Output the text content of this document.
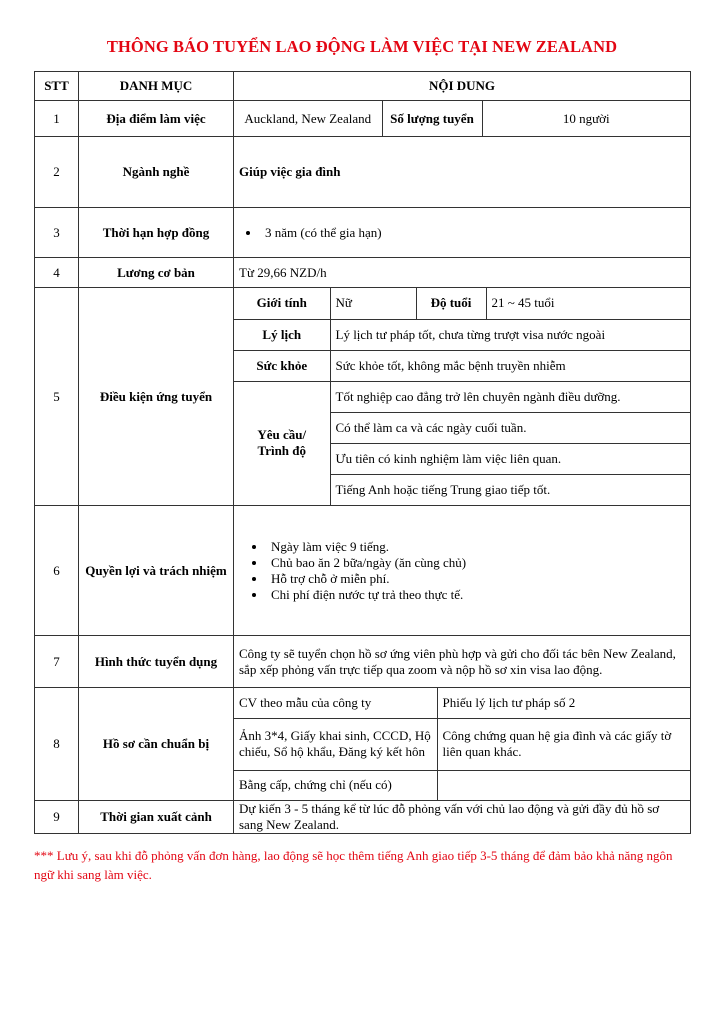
THÔNG BÁO TUYỂN LAO ĐỘNG LÀM VIỆC TẠI NEW ZEALAND
STT	DANH MỤC	NỘI DUNG
1	Địa điểm làm việc		Auckland, New Zealand	Số lượng tuyển	10 người

2	Ngành nghề	Giúp việc gia đình
3	Thời hạn hợp đồng	
•3 năm (có thể gia hạn)

4	Lương cơ bản	Từ 29,66 NZD/h
5	Điều kiện ứng tuyển	
Giới tính	Nữ	Độ tuổi	21 ~ 45 tuổi
Lý lịch	Lý lịch tư pháp tốt, chưa từng trượt visa nước ngoài
Sức khỏe	Sức khỏe tốt, không mắc bệnh truyền nhiễm

Yêu cầu/
Trình độ
	Tốt nghiệp cao đẳng trở lên chuyên ngành điều dưỡng.
Có thể làm ca và các ngày cuối tuần.
Ưu tiên có kinh nghiệm làm việc liên quan.
Tiếng Anh hoặc tiếng Trung giao tiếp tốt.

6	Quyền lợi và trách nhiệm	
• Ngày làm việc 9 tiếng.
• Chủ bao ăn 2 bữa/ngày (ăn cùng chủ)
• Hỗ trợ chỗ ở miễn phí.
• Chi phí điện nước tự trả theo thực tế.

7	Hình thức tuyển dụng	Công ty sẽ tuyển chọn hồ sơ ứng viên phù hợp và gửi cho đối tác bên New Zealand, sắp xếp phỏng vấn trực tiếp qua zoom và nộp hồ sơ xin visa lao động.
8	Hồ sơ cần chuẩn bị	
CV theo mẫu của công ty	Phiếu lý lịch tư pháp số 2
Ảnh 3*4, Giấy khai sinh, CCCD, Hộ chiếu, Sổ hộ khẩu, Đăng ký kết hôn	Công chứng quan hệ gia đình và các giấy tờ liên quan khác.
Bằng cấp, chứng chỉ (nếu có)	

9	Thời gian xuất cảnh	Dự kiến 3 - 5 tháng kể từ lúc đỗ phỏng vấn với chủ lao động và gửi đầy đủ hồ sơ sang New Zealand.
*** Lưu ý, sau khi đỗ phỏng vấn đơn hàng, lao động sẽ học thêm tiếng Anh giao tiếp 3-5 tháng để đảm bảo khả năng ngôn ngữ khi sang làm việc.
